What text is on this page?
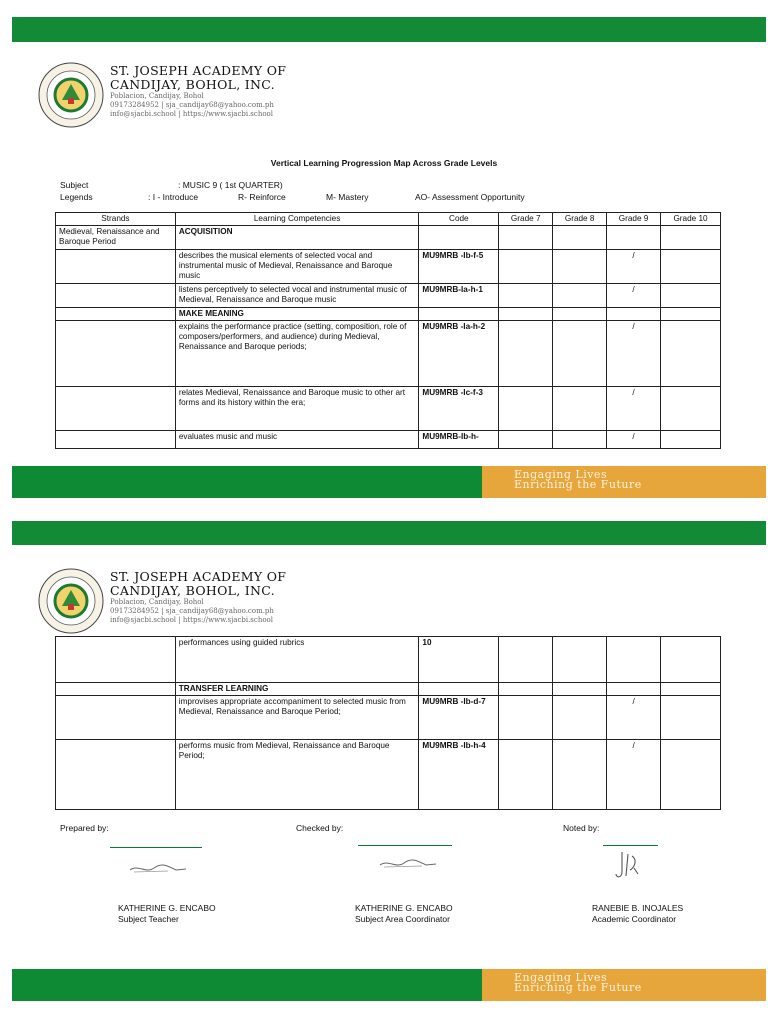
ST. JOSEPH ACADEMY OF
CANDIJAY, BOHOL, INC.
Poblacion, Candijay, Bohol
09173284952 | sja_candijay68@yahoo.com.ph
info@sjacbi.school | https://www.sjacbi.school
Vertical Learning Progression Map Across Grade Levels
Subject	: MUSIC 9 ( 1st QUARTER)
Legends	: I - Introduce	R- Reinforce	M- Mastery	AO- Assessment Opportunity
Strands	Learning Competencies	Code	Grade 7	Grade 8	Grade 9	Grade 10
Medieval, Renaissance and Baroque Period	ACQUISITION					
	describes the musical elements of selected vocal and instrumental music of Medieval, Renaissance and Baroque music	MU9MRB -Ib-f-5			/	
	listens perceptively to selected vocal and instrumental music of Medieval, Renaissance and Baroque music	MU9MRB-Ia-h-1			/	
	MAKE MEANING					
	explains the performance practice (setting, composition, role of composers/performers, and audience) during Medieval, Renaissance and Baroque periods;	MU9MRB -Ia-h-2			/	
	relates Medieval, Renaissance and Baroque music to other art forms and its history within the era;	MU9MRB -Ic-f-3			/	
	evaluates music and music	MU9MRB-Ib-h-			/	
Engaging Lives
Enriching the Future
ST. JOSEPH ACADEMY OF
CANDIJAY, BOHOL, INC.
Poblacion, Candijay, Bohol
09173284952 | sja_candijay68@yahoo.com.ph
info@sjacbi.school | https://www.sjacbi.school
	performances using guided rubrics	10				
	TRANSFER LEARNING					
	improvises appropriate accompaniment to selected music from Medieval, Renaissance and Baroque Period;	MU9MRB -Ib-d-7			/	
	performs music from Medieval, Renaissance and Baroque Period;	MU9MRB -Ib-h-4			/	
Prepared by:	Checked by:	Noted by:
KATHERINE G. ENCABO
Subject Teacher
KATHERINE G. ENCABO
Subject Area Coordinator
RANEBIE B. INOJALES
Academic Coordinator
Engaging Lives
Enriching the Future
